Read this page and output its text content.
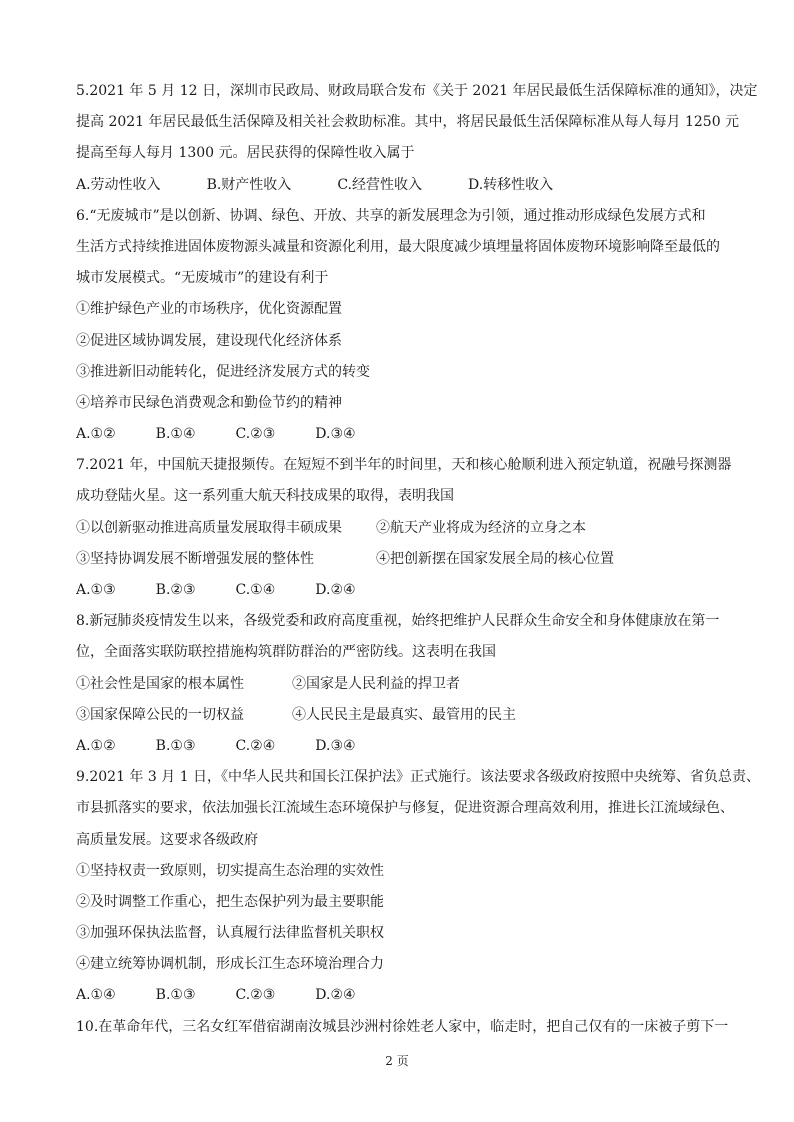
5.2021 年 5 月 12 日，深圳市民政局、财政局联合发布《关于 2021 年居民最低生活保障标准的通知》，决定
提高 2021 年居民最低生活保障及相关社会救助标准。其中，将居民最低生活保障标准从每人每月 1250 元
提高至每人每月 1300 元。居民获得的保障性收入属于
A.劳动性收入	B.财产性收入	C.经营性收入	D.转移性收入
6.“无废城市”是以创新、协调、绿色、开放、共享的新发展理念为引领，通过推动形成绿色发展方式和
生活方式持续推进固体废物源头减量和资源化利用，最大限度减少填埋量将固体废物环境影响降至最低的
城市发展模式。“无废城市”的建设有利于
①维护绿色产业的市场秩序，优化资源配置
②促进区域协调发展，建设现代化经济体系
③推进新旧动能转化，促进经济发展方式的转变
④培养市民绿色消费观念和勤俭节约的精神
A.①②	B.①④	C.②③	D.③④
7.2021 年，中国航天捷报频传。在短短不到半年的时间里，天和核心舱顺利进入预定轨道，祝融号探测器
成功登陆火星。这一系列重大航天科技成果的取得，表明我国
①以创新驱动推进高质量发展取得丰硕成果	②航天产业将成为经济的立身之本
③坚持协调发展不断增强发展的整体性	④把创新摆在国家发展全局的核心位置
A.①③	B.②③	C.①④	D.②④
8.新冠肺炎疫情发生以来，各级党委和政府高度重视，始终把维护人民群众生命安全和身体健康放在第一
位，全面落实联防联控措施构筑群防群治的严密防线。这表明在我国
①社会性是国家的根本属性	②国家是人民利益的捍卫者
③国家保障公民的一切权益	④人民民主是最真实、最管用的民主
A.①②	B.①③	C.②④	D.③④
9.2021 年 3 月 1 日，《中华人民共和国长江保护法》正式施行。该法要求各级政府按照中央统筹、省负总责、
市县抓落实的要求，依法加强长江流域生态环境保护与修复，促进资源合理高效利用，推进长江流域绿色、
高质量发展。这要求各级政府
①坚持权责一致原则，切实提高生态治理的实效性
②及时调整工作重心，把生态保护列为最主要职能
③加强环保执法监督，认真履行法律监督机关职权
④建立统筹协调机制，形成长江生态环境治理合力
A.①④	B.①③	C.②③	D.②④
10.在革命年代，三名女红军借宿湖南汝城县沙洲村徐姓老人家中，临走时，把自己仅有的一床被子剪下一
2 页
